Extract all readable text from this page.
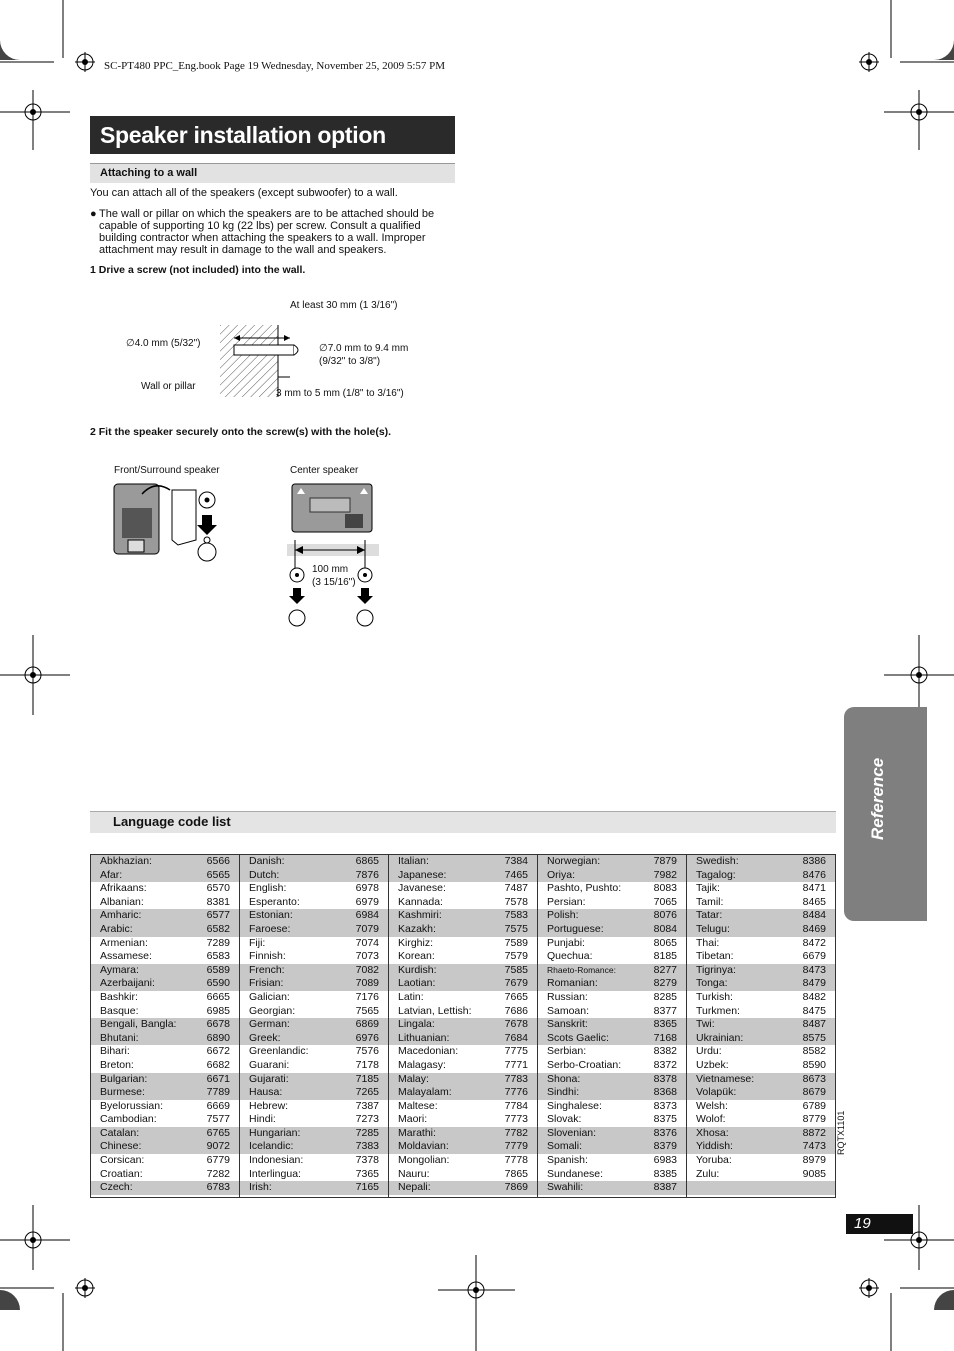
SC-PT480 PPC_Eng.book Page 19 Wednesday, November 25, 2009 5:57 PM
Speaker installation option
Attaching to a wall
You can attach all of the speakers (except subwoofer) to a wall.
● The wall or pillar on which the speakers are to be attached should be
capable of supporting 10 kg (22 lbs) per screw. Consult a qualified
building contractor when attaching the speakers to a wall. Improper
attachment may result in damage to the wall and speakers.
1 Drive a screw (not included) into the wall.
At least 30 mm (1 3/16")
∅4.0 mm (5/32")	∅7.0 mm to 9.4 mm
(9/32" to 3/8")
Wall or pillar
3 mm to 5 mm (1/8" to 3/16")
2 Fit the speaker securely onto the screw(s) with the hole(s).
Front/Surround speaker	Center speaker
100 mm
(3 15/16")
Reference
Language code list
Abkhazian:	6566
Afar:	6565
Afrikaans:	6570
Albanian:	8381
Amharic:	6577
Arabic:	6582
Armenian:	7289
Assamese:	6583
Aymara:	6589
Azerbaijani:	6590
Bashkir:	6665
Basque:	6985
Bengali, Bangla:	6678
Bhutani:	6890
Bihari:	6672
Breton:	6682
Bulgarian:	6671
Burmese:	7789
Byelorussian:	6669
Cambodian:	7577
Catalan:	6765
Chinese:	9072
Corsican:	6779
Croatian:	7282
Czech:	6783
Danish:	6865
Dutch:	7876
English:	6978
Esperanto:	6979
Estonian:	6984
Faroese:	7079
Fiji:	7074
Finnish:	7073
French:	7082
Frisian:	7089
Galician:	7176
Georgian:	7565
German:	6869
Greek:	6976
Greenlandic:	7576
Guarani:	7178
Gujarati:	7185
Hausa:	7265
Hebrew:	7387
Hindi:	7273
Hungarian:	7285
Icelandic:	7383
Indonesian:	7378
Interlingua:	7365
Irish:	7165
Italian:	7384
Japanese:	7465
Javanese:	7487
Kannada:	7578
Kashmiri:	7583
Kazakh:	7575
Kirghiz:	7589
Korean:	7579
Kurdish:	7585
Laotian:	7679
Latin:	7665
Latvian, Lettish:	7686
Lingala:	7678
Lithuanian:	7684
Macedonian:	7775
Malagasy:	7771
Malay:	7783
Malayalam:	7776
Maltese:	7784
Maori:	7773
Marathi:	7782
Moldavian:	7779
Mongolian:	7778
Nauru:	7865
Nepali:	7869
Norwegian:	7879
Oriya:	7982
Pashto, Pushto:	8083
Persian:	7065
Polish:	8076
Portuguese:	8084
Punjabi:	8065
Quechua:	8185
Rhaeto-Romance:	8277
Romanian:	8279
Russian:	8285
Samoan:	8377
Sanskrit:	8365
Scots Gaelic:	7168
Serbian:	8382
Serbo-Croatian:	8372
Shona:	8378
Sindhi:	8368
Singhalese:	8373
Slovak:	8375
Slovenian:	8376
Somali:	8379
Spanish:	6983
Sundanese:	8385
Swahili:	8387
Swedish:	8386
Tagalog:	8476
Tajik:	8471
Tamil:	8465
Tatar:	8484
Telugu:	8469
Thai:	8472
Tibetan:	6679
Tigrinya:	8473
Tonga:	8479
Turkish:	8482
Turkmen:	8475
Twi:	8487
Ukrainian:	8575
Urdu:	8582
Uzbek:	8590
Vietnamese:	8673
Volapük:	8679
Welsh:	6789
Wolof:	8779
Xhosa:	8872
Yiddish:	7473
Yoruba:	8979
Zulu:	9085
RQTX1101
19
